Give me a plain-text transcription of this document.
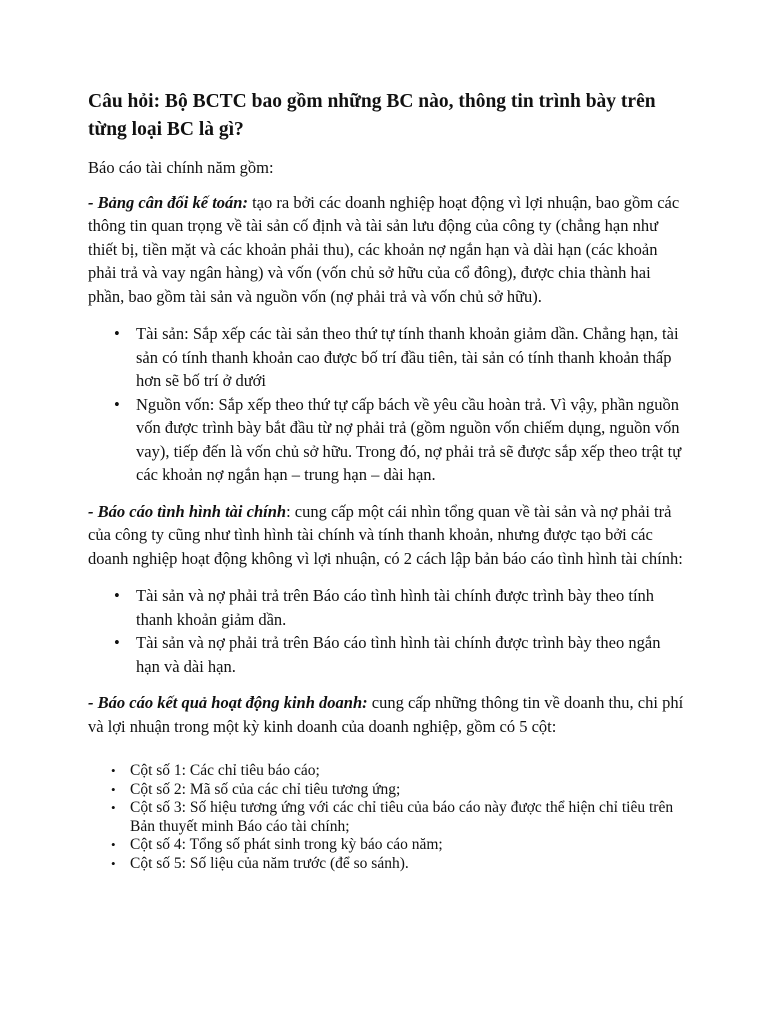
Câu hỏi: Bộ BCTC bao gồm những BC nào, thông tin trình bày trên từng loại BC là gì?

Báo cáo tài chính năm gồm:

- Bảng cân đối kế toán: tạo ra bởi các doanh nghiệp hoạt động vì lợi nhuận, bao gồm các thông tin quan trọng về tài sản cố định và tài sản lưu động của công ty (chẳng hạn như thiết bị, tiền mặt và các khoản phải thu), các khoản nợ ngắn hạn và dài hạn (các khoản phải trả và vay ngân hàng) và vốn (vốn chủ sở hữu của cổ đông), được chia thành hai phần, bao gồm tài sản và nguồn vốn (nợ phải trả và vốn chủ sở hữu).

• Tài sản: Sắp xếp các tài sản theo thứ tự tính thanh khoản giảm dần. Chẳng hạn, tài sản có tính thanh khoản cao được bố trí đầu tiên, tài sản có tính thanh khoản thấp hơn sẽ bố trí ở dưới
• Nguồn vốn: Sắp xếp theo thứ tự cấp bách về yêu cầu hoàn trả. Vì vậy, phần nguồn vốn được trình bày bắt đầu từ nợ phải trả (gồm nguồn vốn chiếm dụng, nguồn vốn vay), tiếp đến là vốn chủ sở hữu. Trong đó, nợ phải trả sẽ được sắp xếp theo trật tự các khoản nợ ngắn hạn – trung hạn – dài hạn.

- Báo cáo tình hình tài chính: cung cấp một cái nhìn tổng quan về tài sản và nợ phải trả của công ty cũng như tình hình tài chính và tính thanh khoản, nhưng được tạo bởi các doanh nghiệp hoạt động không vì lợi nhuận, có 2 cách lập bản báo cáo tình hình tài chính:

• Tài sản và nợ phải trả trên Báo cáo tình hình tài chính được trình bày theo tính thanh khoản giảm dần.
• Tài sản và nợ phải trả trên Báo cáo tình hình tài chính được trình bày theo ngắn hạn và dài hạn.

- Báo cáo kết quả hoạt động kinh doanh: cung cấp những thông tin về doanh thu, chi phí và lợi nhuận trong một kỳ kinh doanh của doanh nghiệp, gồm có 5 cột:

• Cột số 1: Các chỉ tiêu báo cáo;
• Cột số 2: Mã số của các chỉ tiêu tương ứng;
• Cột số 3: Số hiệu tương ứng với các chỉ tiêu của báo cáo này được thể hiện chỉ tiêu trên Bản thuyết minh Báo cáo tài chính;
• Cột số 4: Tổng số phát sinh trong kỳ báo cáo năm;
• Cột số 5: Số liệu của năm trước (để so sánh).
